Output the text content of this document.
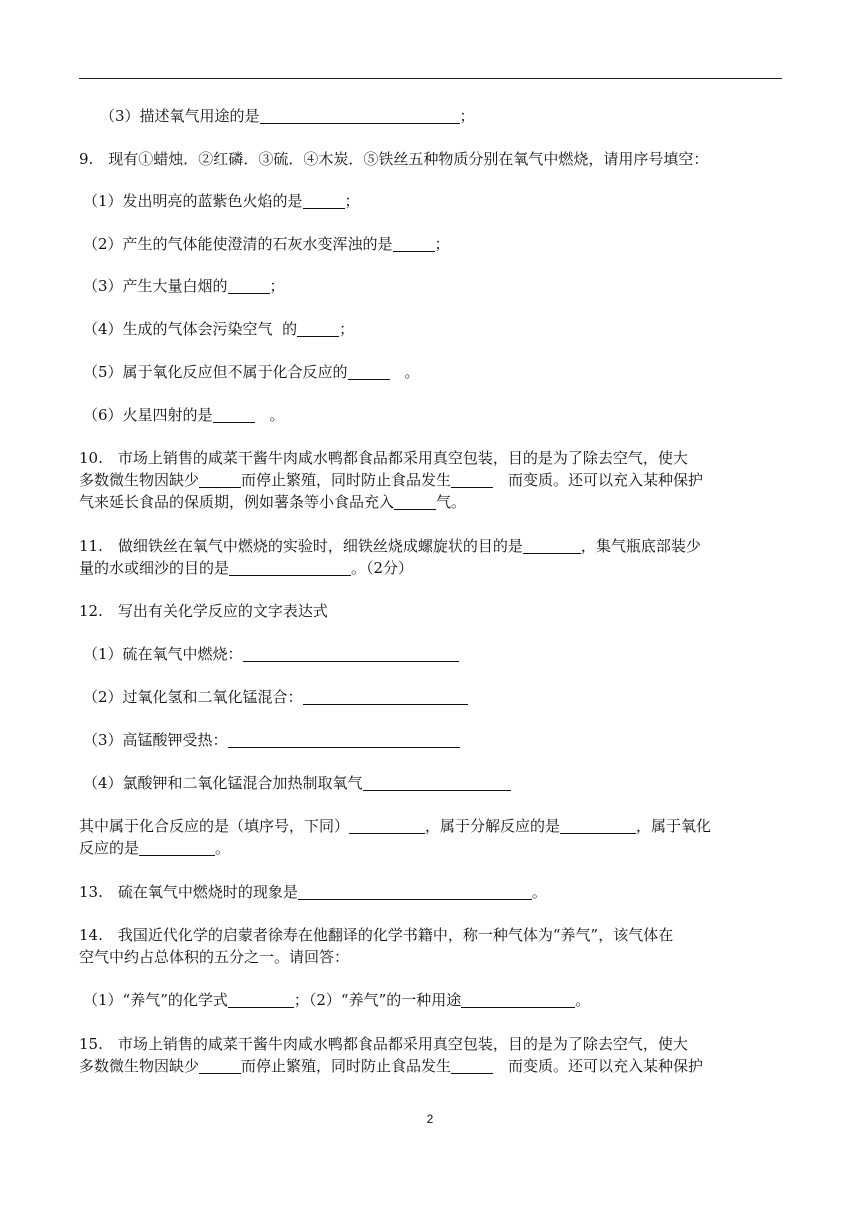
（3）描述氧气用途的是	；
9.　现有①蜡烛．②红磷．③硫．④木炭．⑤铁丝五种物质分别在氧气中燃烧，请用序号填空：
（1）发出明亮的蓝紫色火焰的是	；
（2）产生的气体能使澄清的石灰水变浑浊的是	；
（3）产生大量白烟的	；
（4）生成的气体会污染空气  的	；
（5）属于氧化反应但不属于化合反应的	　。
（6）火星四射的是	　。
10.　市场上销售的咸菜干酱牛肉咸水鸭都食品都采用真空包装，目的是为了除去空气，使大
多数微生物因缺少	而停止繁殖，同时防止食品发生	　而变质。还可以充入某种保护
气来延长食品的保质期，例如薯条等小食品充入	气。
11.　做细铁丝在氧气中燃烧的实验时，细铁丝烧成螺旋状的目的是	，集气瓶底部装少
量的水或细沙的目的是	。（2分）
12.　写出有关化学反应的文字表达式
（1）硫在氧气中燃烧：
（2）过氧化氢和二氧化锰混合：
（3）高锰酸钾受热：
（4）氯酸钾和二氧化锰混合加热制取氧气
其中属于化合反应的是（填序号，下同）	，属于分解反应的是	，属于氧化
反应的是	。
13.　硫在氧气中燃烧时的现象是	。
14.　我国近代化学的启蒙者徐寿在他翻译的化学书籍中，称一种气体为“养气”，该气体在
空气中约占总体积的五分之一。请回答：
（1）“养气”的化学式	；（2）“养气”的一种用途	。
15.　市场上销售的咸菜干酱牛肉咸水鸭都食品都采用真空包装，目的是为了除去空气，使大
多数微生物因缺少	而停止繁殖，同时防止食品发生	　而变质。还可以充入某种保护
2
